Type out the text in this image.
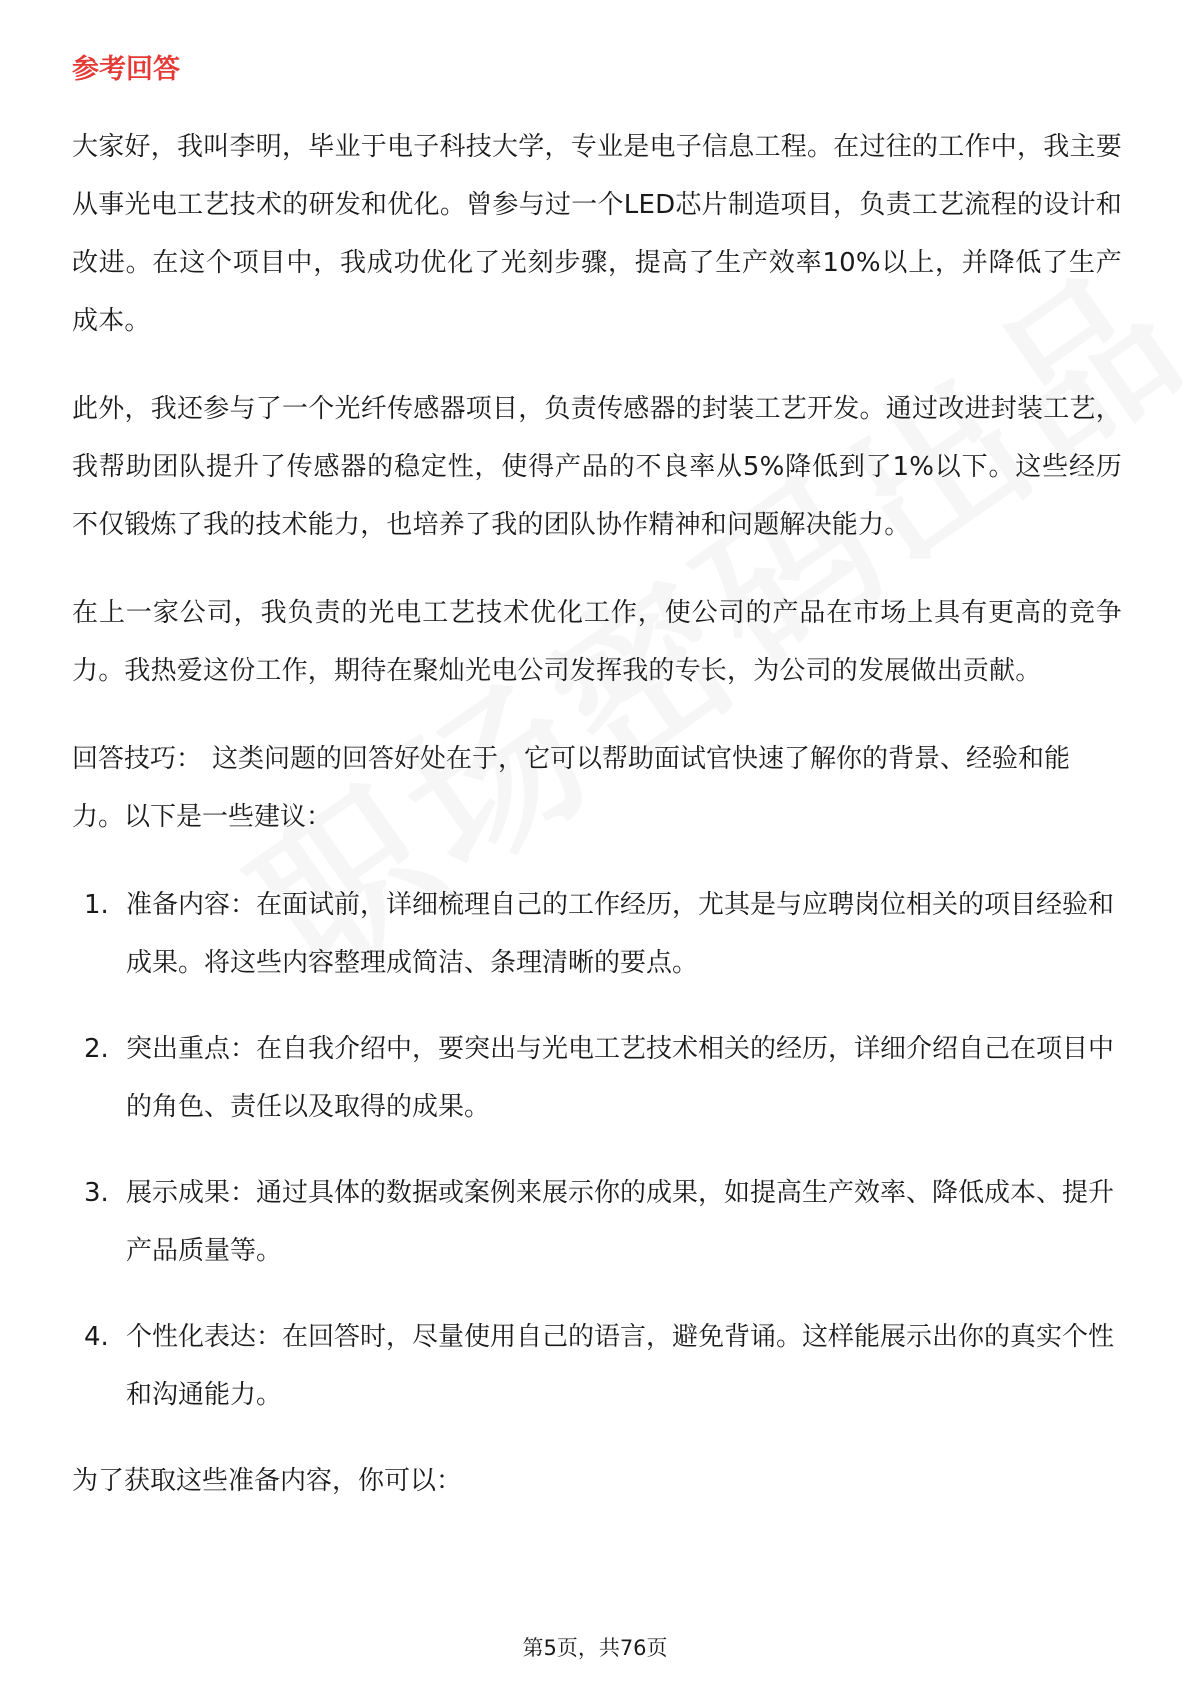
参考回答

大家好，我叫李明，毕业于电子科技大学，专业是电子信息工程。在过往的工作中，我主要从事光电工艺技术的研发和优化。曾参与过一个LED芯片制造项目，负责工艺流程的设计和改进。在这个项目中，我成功优化了光刻步骤，提高了生产效率10%以上，并降低了生产成本。

此外，我还参与了一个光纤传感器项目，负责传感器的封装工艺开发。通过改进封装工艺，我帮助团队提升了传感器的稳定性，使得产品的不良率从5%降低到了1%以下。这些经历不仅锻炼了我的技术能力，也培养了我的团队协作精神和问题解决能力。

在上一家公司，我负责的光电工艺技术优化工作，使公司的产品在市场上具有更高的竞争力。我热爱这份工作，期待在聚灿光电公司发挥我的专长，为公司的发展做出贡献。

回答技巧： 这类问题的回答好处在于，它可以帮助面试官快速了解你的背景、经验和能力。以下是一些建议：

1. 准备内容：在面试前，详细梳理自己的工作经历，尤其是与应聘岗位相关的项目经验和成果。将这些内容整理成简洁、条理清晰的要点。
2. 突出重点：在自我介绍中，要突出与光电工艺技术相关的经历，详细介绍自己在项目中的角色、责任以及取得的成果。
3. 展示成果：通过具体的数据或案例来展示你的成果，如提高生产效率、降低成本、提升产品质量等。
4. 个性化表达：在回答时，尽量使用自己的语言，避免背诵。这样能展示出你的真实个性和沟通能力。

为了获取这些准备内容，你可以：

第5页，共76页
